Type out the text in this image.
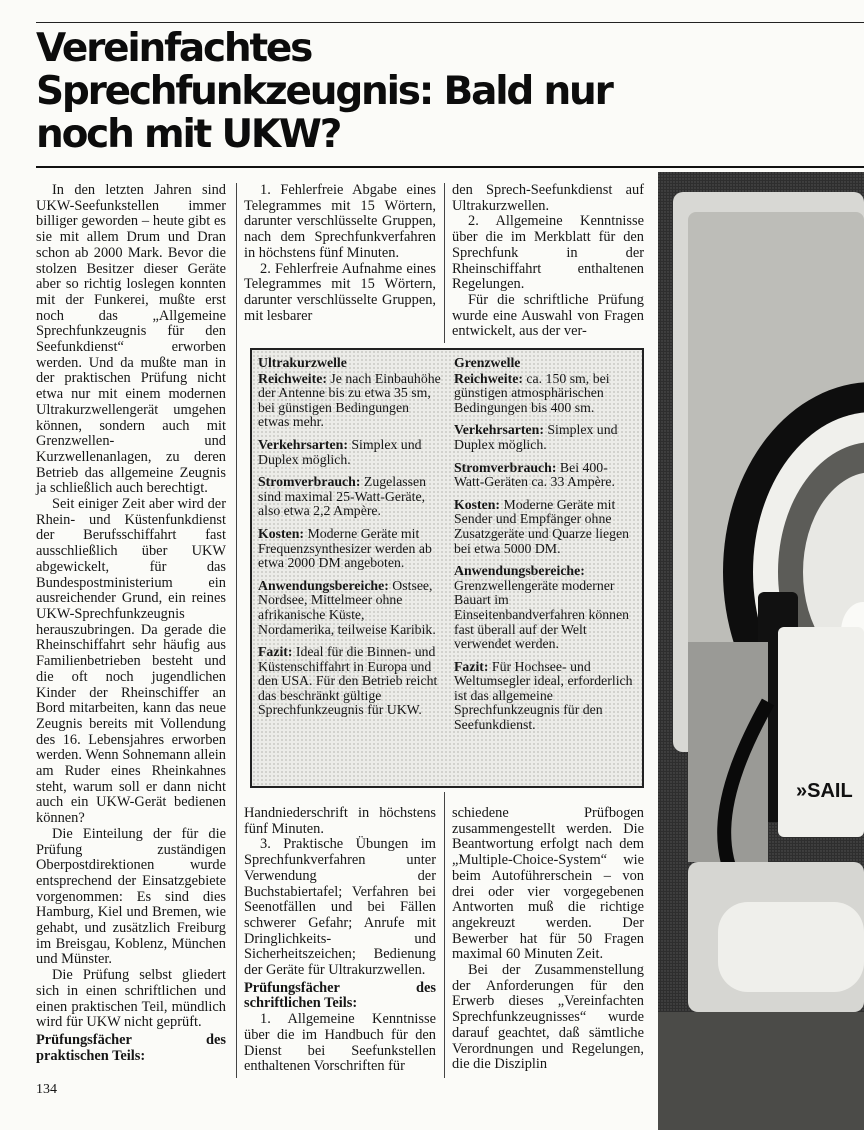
Vereinfachtes Sprechfunkzeugnis: Bald nur noch mit UKW?

In den letzten Jahren sind UKW-Seefunkstellen immer billiger geworden – heute gibt es sie mit allem Drum und Dran schon ab 2000 Mark. Bevor die stolzen Besitzer dieser Geräte aber so richtig loslegen konnten mit der Funkerei, mußte erst noch das „Allgemeine Sprechfunkzeugnis für den Seefunkdienst“ erworben werden. Und da mußte man in der praktischen Prüfung nicht etwa nur mit einem modernen Ultrakurzwellengerät umgehen können, sondern auch mit Grenzwellen- und Kurzwellenanlagen, zu deren Betrieb das allgemeine Zeugnis ja schließlich auch berechtigt.

Seit einiger Zeit aber wird der Rhein- und Küstenfunkdienst der Berufsschiffahrt fast ausschließlich über UKW abgewickelt, für das Bundespostministerium ein ausreichender Grund, ein reines UKW-Sprechfunkzeugnis herauszubringen. Da gerade die Rheinschiffahrt sehr häufig aus Familienbetrieben besteht und die oft noch jugendlichen Kinder der Rheinschiffer an Bord mitarbeiten, kann das neue Zeugnis bereits mit Vollendung des 16. Lebensjahres erworben werden. Wenn Sohnemann allein am Ruder eines Rheinkahnes steht, warum soll er dann nicht auch ein UKW-Gerät bedienen können?

Die Einteilung der für die Prüfung zuständigen Oberpostdirektionen wurde entsprechend der Einsatzgebiete vorgenommen: Es sind dies Hamburg, Kiel und Bremen, wie gehabt, und zusätzlich Freiburg im Breisgau, Koblenz, München und Münster.

Die Prüfung selbst gliedert sich in einen schriftlichen und einen praktischen Teil, mündlich wird für UKW nicht geprüft.

Prüfungsfächer des praktischen Teils:

1. Fehlerfreie Abgabe eines Telegrammes mit 15 Wörtern, darunter verschlüsselte Gruppen, nach dem Sprechfunkverfahren in höchstens fünf Minuten.

2. Fehlerfreie Aufnahme eines Telegrammes mit 15 Wörtern, darunter verschlüsselte Gruppen, mit lesbarer

den Sprech-Seefunkdienst auf Ultrakurzwellen.

2. Allgemeine Kenntnisse über die im Merkblatt für den Sprechfunk in der Rheinschiffahrt enthaltenen Regelungen.

Für die schriftliche Prüfung wurde eine Auswahl von Fragen entwickelt, aus der ver-

Ultrakurzwelle
Reichweite: Je nach Einbauhöhe der Antenne bis zu etwa 35 sm, bei günstigen Bedingungen etwas mehr.
Verkehrsarten: Simplex und Duplex möglich.
Stromverbrauch: Zugelassen sind maximal 25-Watt-Geräte, also etwa 2,2 Ampère.
Kosten: Moderne Geräte mit Frequenzsynthesizer werden ab etwa 2000 DM angeboten.
Anwendungsbereiche: Ostsee, Nordsee, Mittelmeer ohne afrikanische Küste, Nordamerika, teilweise Karibik.
Fazit: Ideal für die Binnen- und Küstenschiffahrt in Europa und den USA. Für den Betrieb reicht das beschränkt gültige Sprechfunkzeugnis für UKW.
Grenzwelle
Reichweite: ca. 150 sm, bei günstigen atmosphärischen Bedingungen bis 400 sm.
Verkehrsarten: Simplex und Duplex möglich.
Stromverbrauch: Bei 400-Watt-Geräten ca. 33 Ampère.
Kosten: Moderne Geräte mit Sender und Empfänger ohne Zusatzgeräte und Quarze liegen bei etwa 5000 DM.
Anwendungsbereiche: Grenzwellengeräte moderner Bauart im Einseitenbandverfahren können fast überall auf der Welt verwendet werden.
Fazit: Für Hochsee- und Weltumsegler ideal, erforderlich ist das allgemeine Sprechfunkzeugnis für den Seefunkdienst.

Handniederschrift in höchstens fünf Minuten.

3. Praktische Übungen im Sprechfunkverfahren unter Verwendung der Buchstabiertafel; Verfahren bei Seenotfällen und bei Fällen schwerer Gefahr; Anrufe mit Dringlichkeits- und Sicherheitszeichen; Bedienung der Geräte für Ultrakurzwellen.

Prüfungsfächer des schriftlichen Teils:

1. Allgemeine Kenntnisse über die im Handbuch für den Dienst bei Seefunkstellen enthaltenen Vorschriften für

schiedene Prüfbogen zusammengestellt werden. Die Beantwortung erfolgt nach dem „Multiple-Choice-System“ wie beim Autoführerschein – von drei oder vier vorgegebenen Antworten muß die richtige angekreuzt werden. Der Bewerber hat für 50 Fragen maximal 60 Minuten Zeit.

Bei der Zusammenstellung der Anforderungen für den Erwerb dieses „Vereinfachten Sprechfunkzeugnisses“ wurde darauf geachtet, daß sämtliche Verordnungen und Regelungen, die die Disziplin

»SAIL
134
